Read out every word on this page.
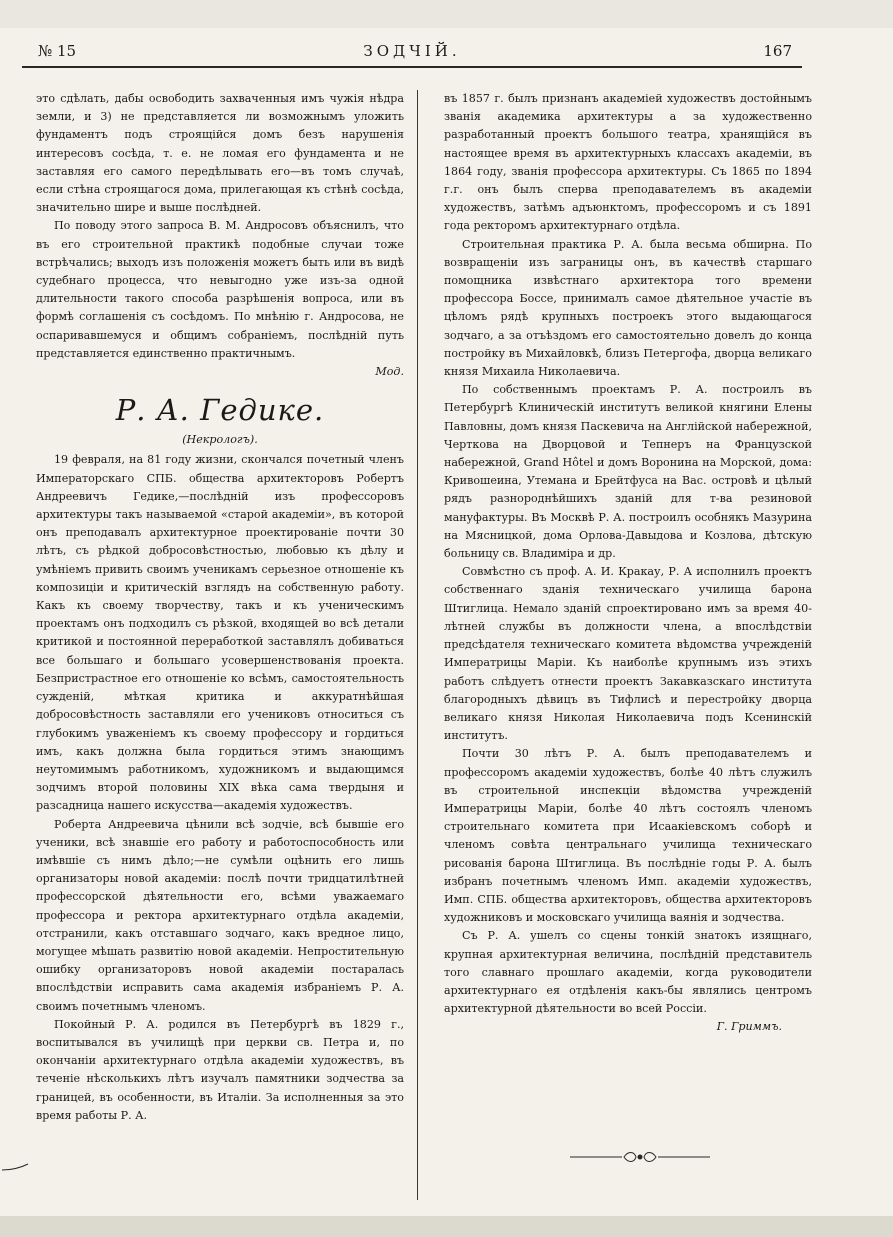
№ 15	ЗОДЧІЙ.	167

это сдѣлать, дабы освободить захваченныя имъ чужія нѣдра земли, и 3) не представляется ли возможнымъ уложить фундаментъ подъ строящійся домъ безъ нарушенія интересовъ сосѣда, т. е. не ломая его фундамента и не заставляя его самого передѣлывать его—въ томъ случаѣ, если стѣна строящагося дома, прилегающая къ стѣнѣ сосѣда, значительно шире и выше послѣдней.

По поводу этого запроса В. М. Андросовъ объяснилъ, что въ его строительной практикѣ подобные случаи тоже встрѣчались; выходъ изъ положенія можетъ быть или въ видѣ судебнаго процесса, что невыгодно уже изъ-за одной длительности такого способа разрѣшенія вопроса, или въ формѣ соглашенія съ сосѣдомъ. По мнѣнію г. Андросова, не оспаривавшемуся и общимъ собраніемъ, послѣдній путь представляется единственно практичнымъ.

Мод.

Р. А. Гедике.
(Некрологъ).

19 февраля, на 81 году жизни, скончался почетный членъ Императорскаго СПБ. общества архитекторовъ Робертъ Андреевичъ Гедике,—послѣдній изъ профессоровъ архитектуры такъ называемой «старой академіи», въ которой онъ преподавалъ архитектурное проектированіе почти 30 лѣтъ, съ рѣдкой добросовѣстностью, любовью къ дѣлу и умѣніемъ привить своимъ ученикамъ серьезное отношеніе къ композиціи и критическій взглядъ на собственную работу. Какъ къ своему творчеству, такъ и къ ученическимъ проектамъ онъ подходилъ съ рѣзкой, входящей во всѣ детали критикой и постоянной переработкой заставлялъ добиваться все большаго и большаго усовершенствованія проекта. Безпристрастное его отношеніе ко всѣмъ, самостоятельность сужденій, мѣткая критика и аккуратнѣйшая добросовѣстность заставляли его учениковъ относиться съ глубокимъ уваженіемъ къ своему профессору и гордиться имъ, какъ должна была гордиться этимъ знающимъ неутомимымъ работникомъ, художникомъ и выдающимся зодчимъ второй половины XIX вѣка сама твердыня и разсадница нашего искусства—академія художествъ.

Роберта Андреевича цѣнили всѣ зодчіе, всѣ бывшіе его ученики, всѣ знавшіе его работу и работоспособность или имѣвшіе съ нимъ дѣло;—не сумѣли оцѣнить его лишь организаторы новой академіи: послѣ почти тридцатилѣтней профессорской дѣятельности его, всѣми уважаемаго профессора и ректора архитектурнаго отдѣла академіи, отстранили, какъ отставшаго зодчаго, какъ вредное лицо, могущее мѣшать развитію новой академіи. Непростительную ошибку организаторовъ новой академіи постаралась впослѣдствіи исправить сама академія избраніемъ Р. А. своимъ почетнымъ членомъ.

Покойный Р. А. родился въ Петербургѣ въ 1829 г., воспитывался въ училищѣ при церкви св. Петра и, по окончаніи архитектурнаго отдѣла академіи художествъ, въ теченіе нѣсколькихъ лѣтъ изучалъ памятники зодчества за границей, въ особенности, въ Италіи. За исполненныя за это время работы Р. А.

въ 1857 г. былъ признанъ академіей художествъ достойнымъ званія академика архитектуры а за художественно разработанный проектъ большого театра, хранящійся въ настоящее время въ архитектурныхъ классахъ академіи, въ 1864 году, званія профессора архитектуры. Съ 1865 по 1894 г.г. онъ былъ сперва преподавателемъ въ академіи художествъ, затѣмъ адъюнктомъ, профессоромъ и съ 1891 года ректоромъ архитектурнаго отдѣла.

Строительная практика Р. А. была весьма обширна. По возвращеніи изъ заграницы онъ, въ качествѣ старшаго помощника извѣстнаго архитектора того времени профессора Боссе, принималъ самое дѣятельное участіе въ цѣломъ рядѣ крупныхъ построекъ этого выдающагося зодчаго, а за отъѣздомъ его самостоятельно довелъ до конца постройку въ Михайловкѣ, близъ Петергофа, дворца великаго князя Михаила Николаевича.

По собственнымъ проектамъ Р. А. построилъ въ Петербургѣ Клиническій институтъ великой княгини Елены Павловны, домъ князя Паскевича на Англійской набережной, Черткова на Дворцовой и Тепнеръ на Французской набережной, Grand Hôtel и домъ Воронина на Морской, дома: Кривошеина, Утемана и Брейтфуса на Вас. островѣ и цѣлый рядъ разнороднѣйшихъ зданій для т-ва резиновой мануфактуры. Въ Москвѣ Р. А. построилъ особнякъ Мазурина на Мясницкой, дома Орлова-Давыдова и Козлова, дѣтскую больницу св. Владиміра и др.

Совмѣстно съ проф. А. И. Кракау, Р. А исполнилъ проектъ собственнаго зданія техническаго училища барона Штиглица. Немало зданій спроектировано имъ за время 40-лѣтней службы въ должности члена, а впослѣдствіи предсѣдателя техническаго комитета вѣдомства учрежденій Императрицы Маріи. Къ наиболѣе крупнымъ изъ этихъ работъ слѣдуетъ отнести проектъ Закавказскаго института благородныхъ дѣвицъ въ Тифлисѣ и перестройку дворца великаго князя Николая Николаевича подъ Ксенинскій институтъ.

Почти 30 лѣтъ Р. А. былъ преподавателемъ и профессоромъ академіи художествъ, болѣе 40 лѣтъ служилъ въ строительной инспекціи вѣдомства учрежденій Императрицы Маріи, болѣе 40 лѣтъ состоялъ членомъ строительнаго комитета при Исаакіевскомъ соборѣ и членомъ совѣта центральнаго училища техническаго рисованія барона Штиглица. Въ послѣдніе годы Р. А. былъ избранъ почетнымъ членомъ Имп. академіи художествъ, Имп. СПБ. общества архитекторовъ, общества архитекторовъ художниковъ и московскаго училища ваянія и зодчества.

Съ Р. А. ушелъ со сцены тонкій знатокъ изящнаго, крупная архитектурная величина, послѣдній представитель того славнаго прошлаго академіи, когда руководители архитектурнаго ея отдѣленія какъ-бы являлись центромъ архитектурной дѣятельности во всей Россіи.

Г. Гриммъ.
